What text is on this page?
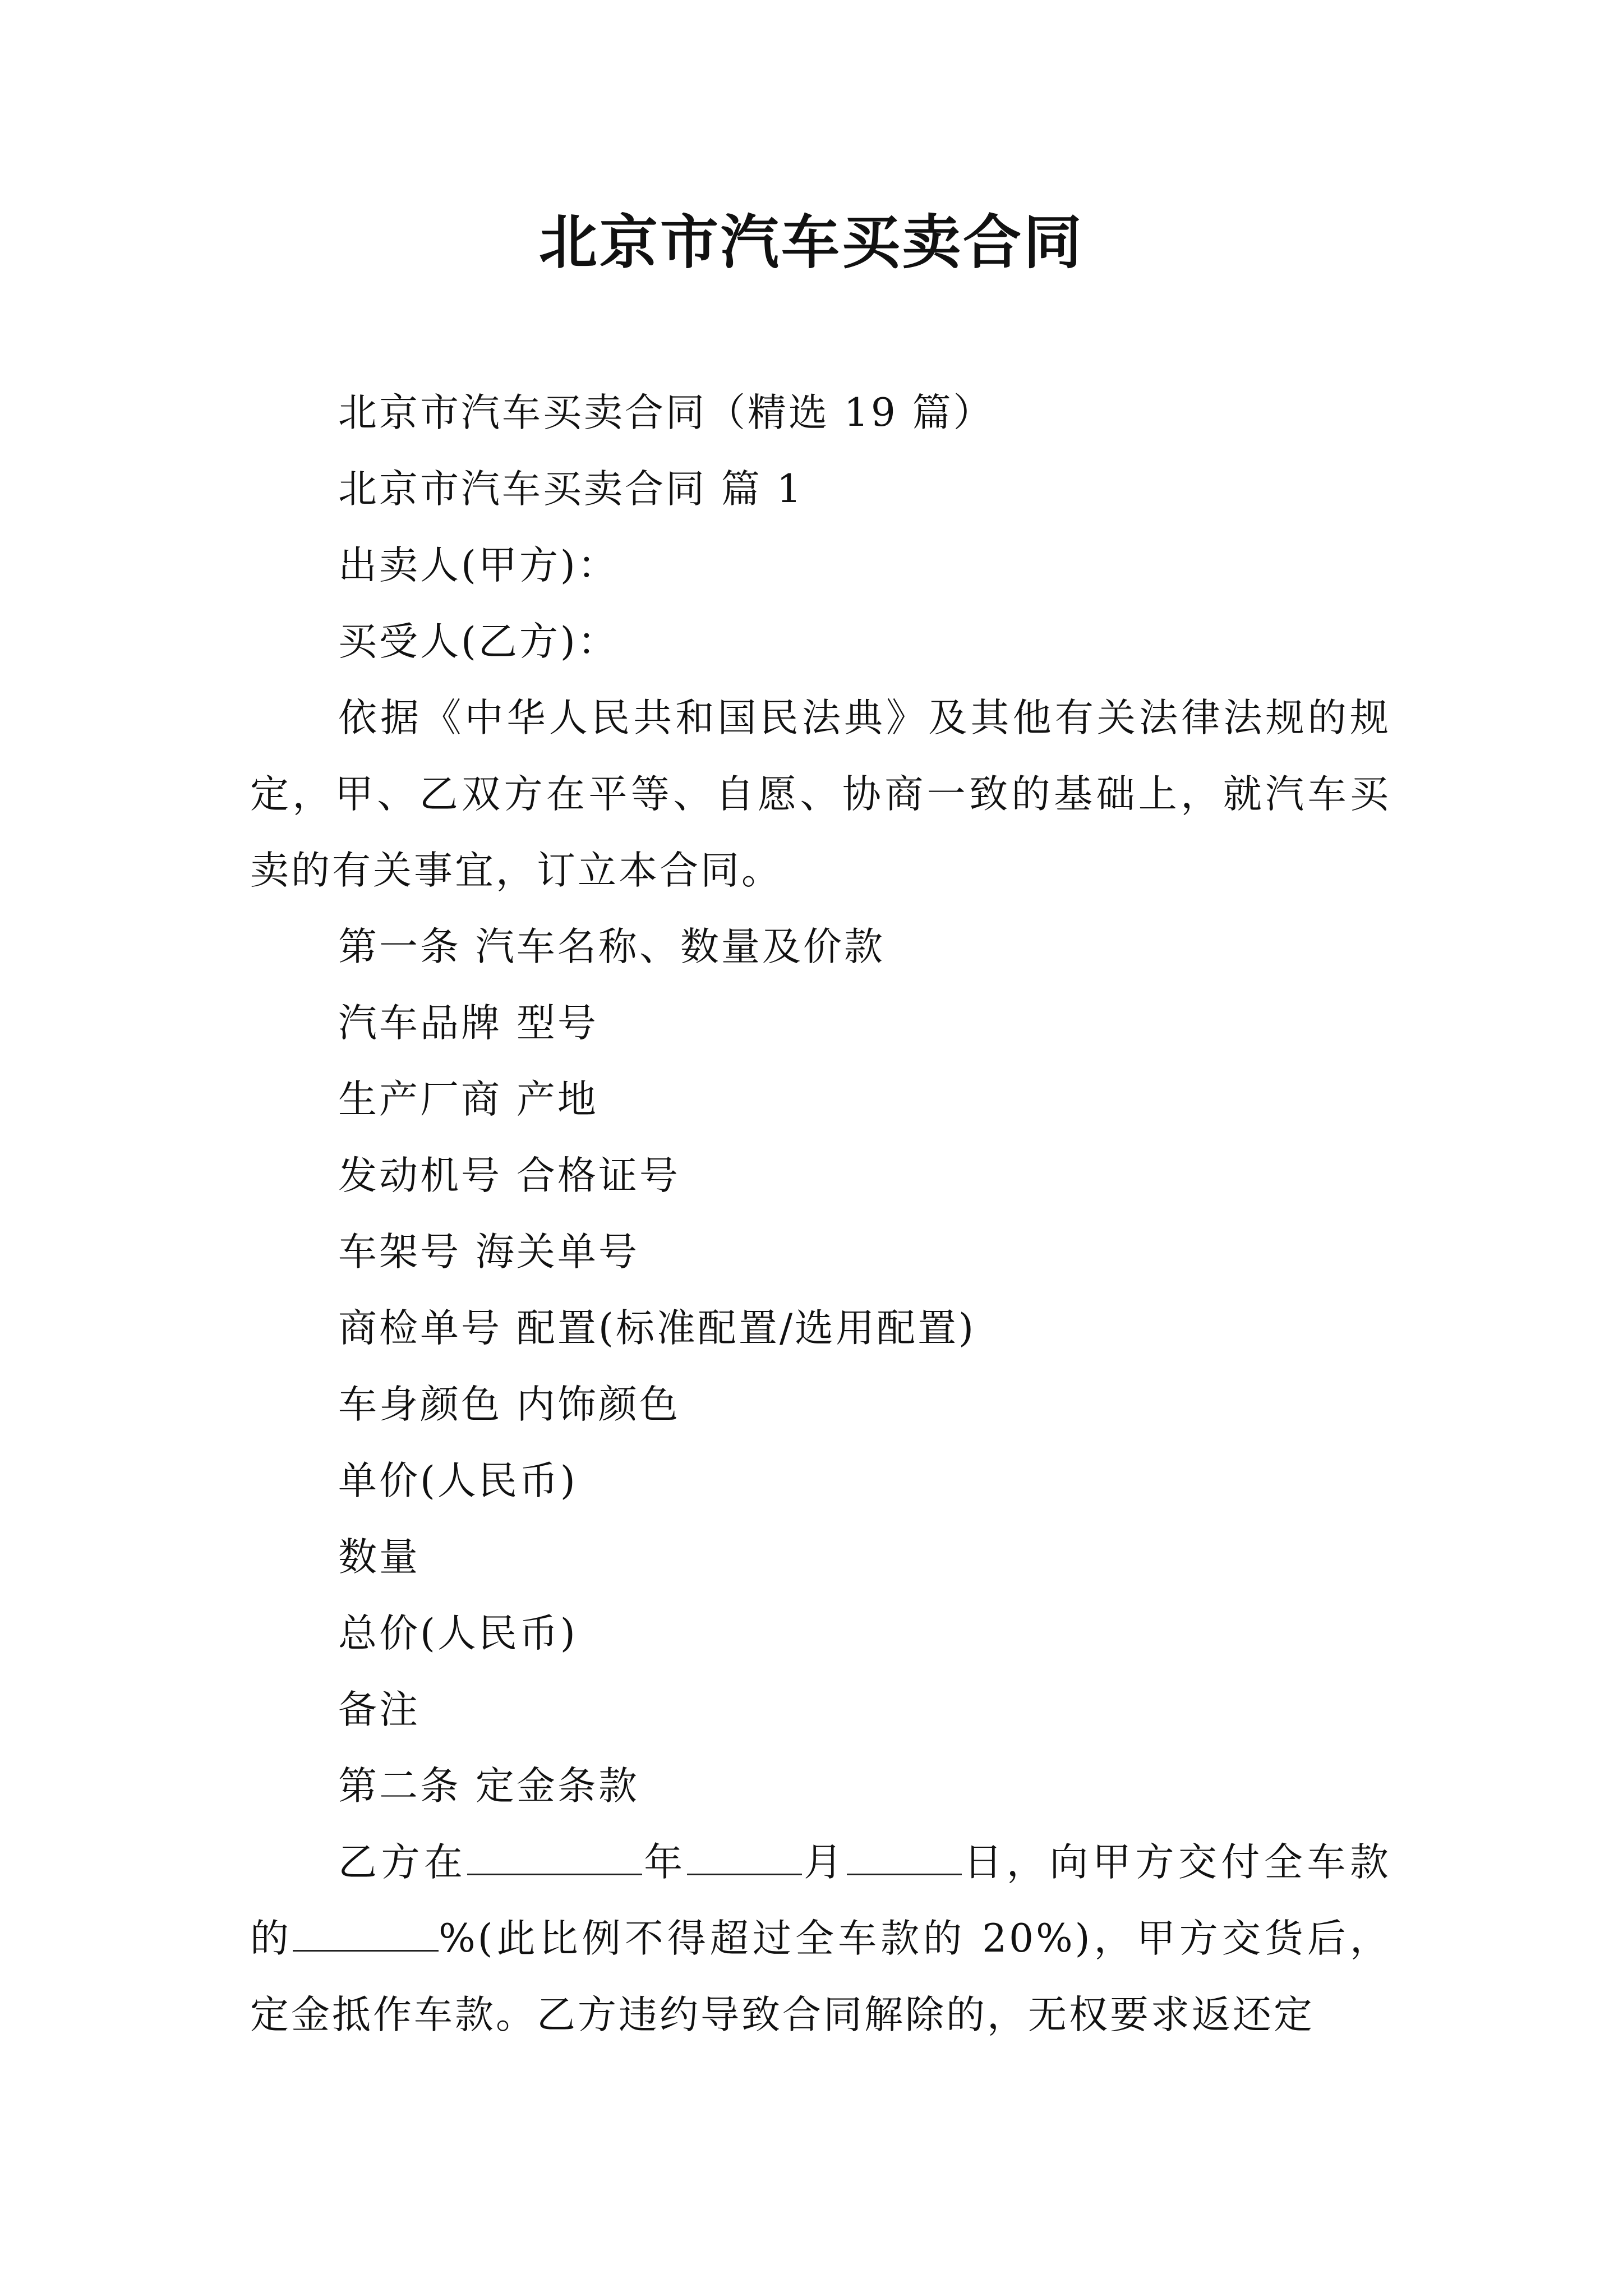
北京市汽车买卖合同

北京市汽车买卖合同（精选 19 篇）

北京市汽车买卖合同 篇 1

出卖人(甲方)：

买受人(乙方)：

依据《中华人民共和国民法典》及其他有关法律法规的规定，甲、乙双方在平等、自愿、协商一致的基础上，就汽车买卖的有关事宜，订立本合同。

第一条 汽车名称、数量及价款

汽车品牌 型号

生产厂商 产地

发动机号 合格证号

车架号 海关单号

商检单号 配置(标准配置/选用配置)

车身颜色 内饰颜色

单价(人民币)

数量

总价(人民币)

备注

第二条 定金条款

乙方在	年	月	日，向甲方交付全车款的	%(此比例不得超过全车款的 20%)，甲方交货后，定金抵作车款。乙方违约导致合同解除的，无权要求返还定
